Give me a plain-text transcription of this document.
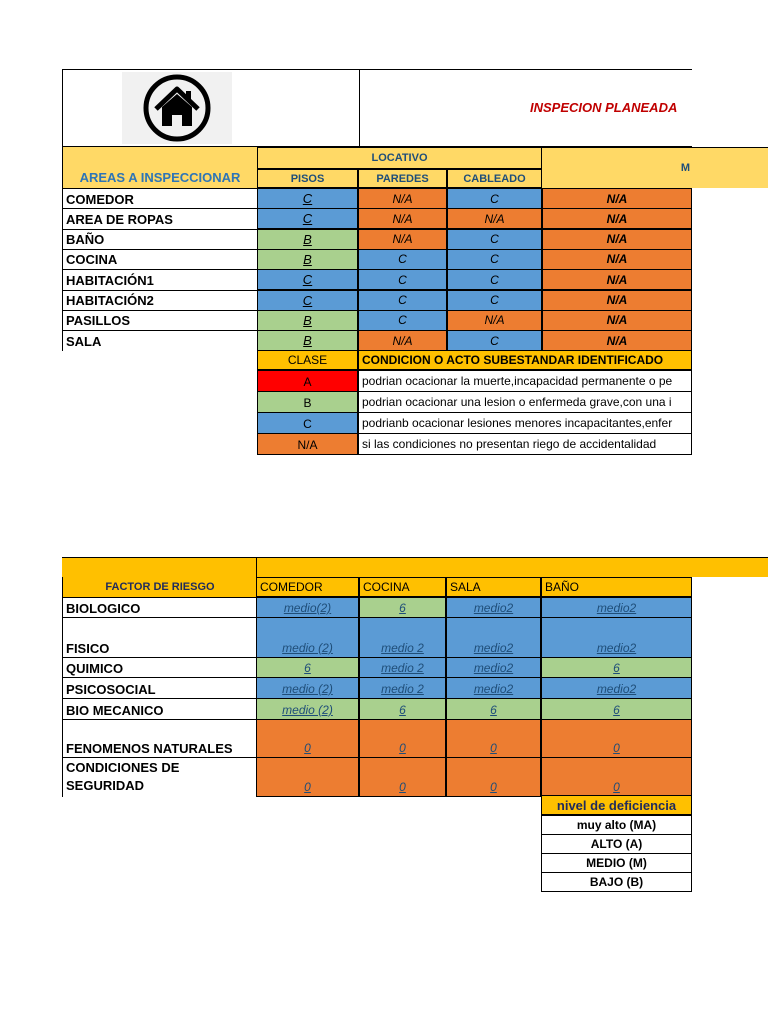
INSPECION PLANEADA
AREAS A INSPECCIONAR
LOCATIVO
M
PISOS	PAREDES	CABLEADO
COMEDOR	C	N/A	C	N/A
AREA DE ROPAS	C	N/A	N/A	N/A
BAÑO	B	N/A	C	N/A
COCINA	B	C	C	N/A
HABITACIÓN1	C	C	C	N/A
HABITACIÓN2	C	C	C	N/A
PASILLOS	B	C	N/A	N/A
SALA	B	N/A	C	N/A
CLASE	CONDICION O ACTO SUBESTANDAR IDENTIFICADO
A	podrian ocacionar la muerte,incapacidad permanente o pe
B	podrian ocacionar una lesion o enfermeda grave,con una i
C	podrianb ocacionar lesiones menores incapacitantes,enfer
N/A	si las condiciones no presentan riego de accidentalidad
FACTOR DE RIESGO	COMEDOR	COCINA	SALA	BAÑO
BIOLOGICO	medio(2)	6	medio2	medio2
FISICO	medio (2)	medio 2	medio2	medio2
QUIMICO	6	medio 2	medio2	6
PSICOSOCIAL	medio (2)	medio 2	medio2	medio2
BIO MECANICO	medio (2)	6	6	6
FENOMENOS NATURALES	0	0	0	0
CONDICIONES DE
SEGURIDAD	0	0	0	0
nivel de deficiencia
muy alto (MA)
ALTO (A)
MEDIO (M)
BAJO (B)
